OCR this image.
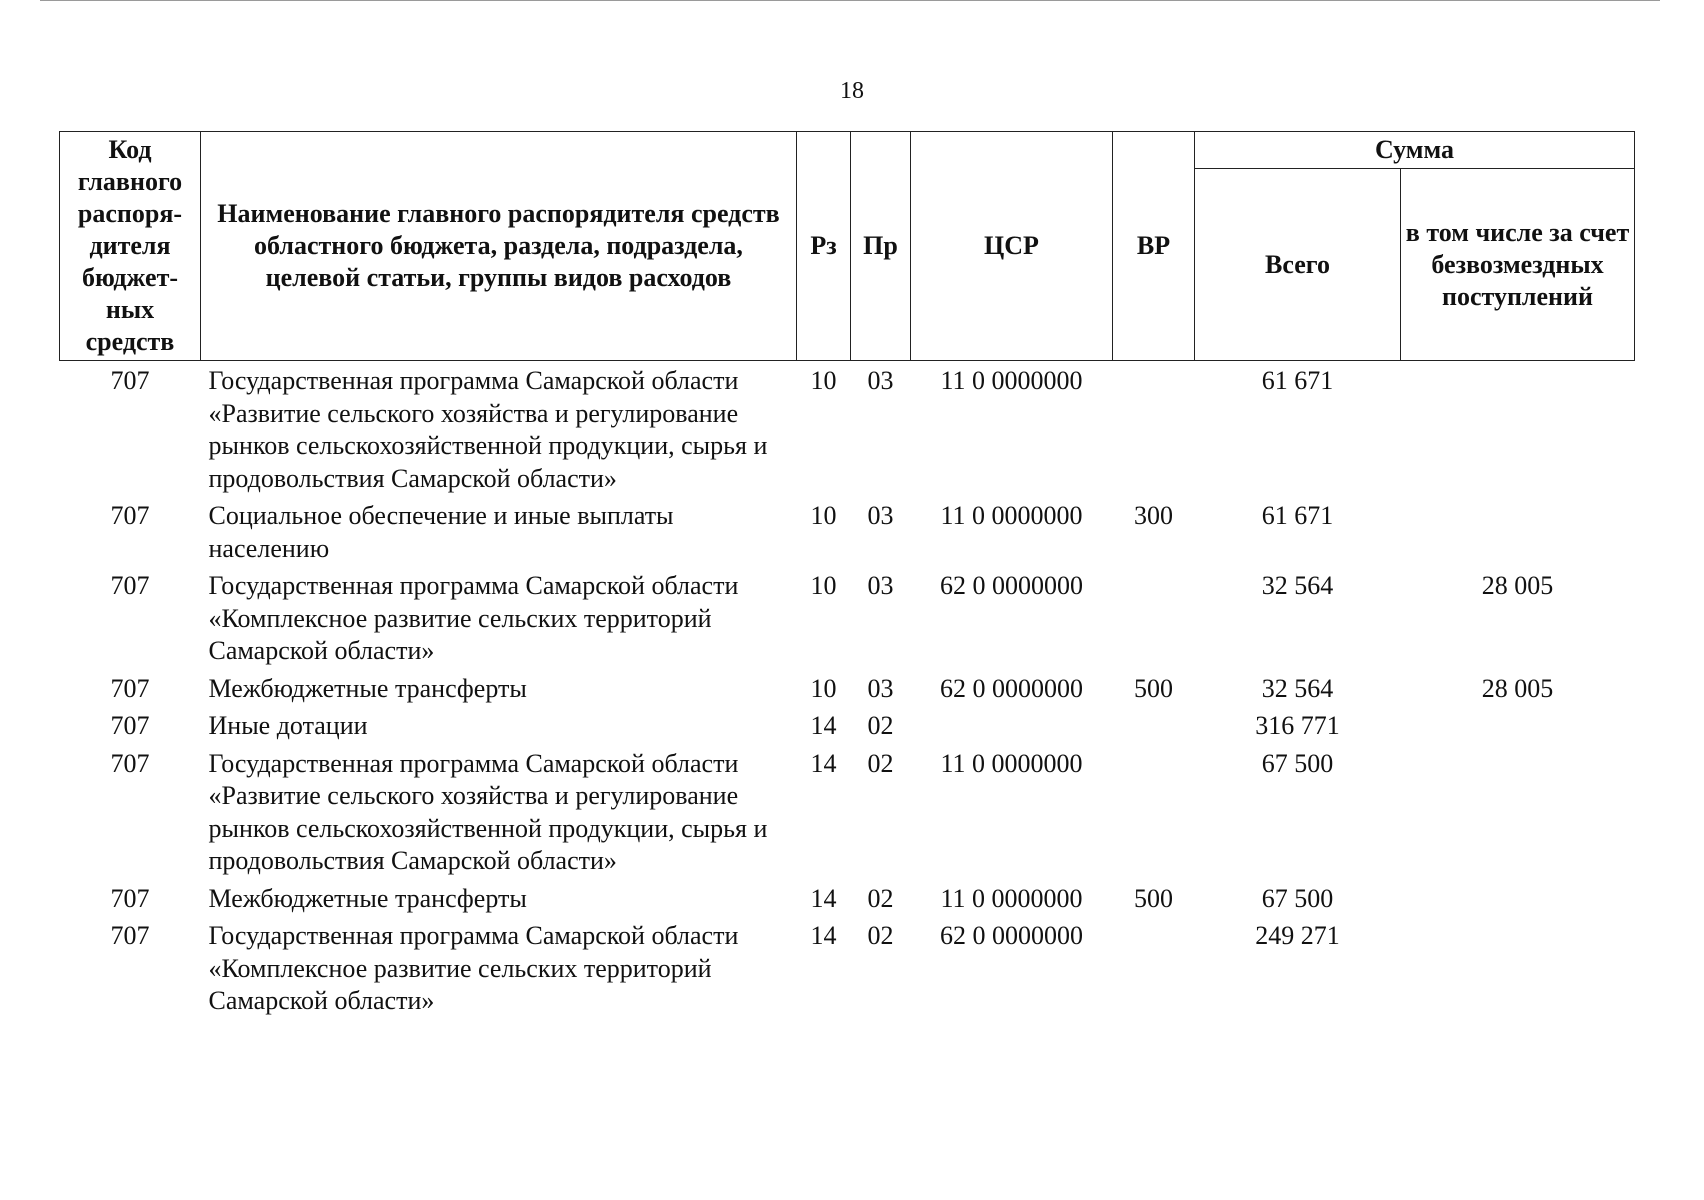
18
Код главного распоря-дителя бюджет-ных средств	Наименование главного распорядителя средств областного бюджета, раздела, подраздела, целевой статьи, группы видов расходов	Рз	Пр	ЦСР	ВР	Сумма	
						Всего	в том числе за счет безвозмездных поступлений
707	Государственная программа Самарской области «Развитие сельского хозяйства и регулирование рынков сельскохозяйственной продукции, сырья и продовольствия Самарской области»	10	03	11 0 0000000		61 671	
707	Социальное обеспечение и иные выплаты населению	10	03	11 0 0000000	300	61 671	
707	Государственная программа Самарской области «Комплексное развитие сельских территорий Самарской области»	10	03	62 0 0000000		32 564	28 005
707	Межбюджетные трансферты	10	03	62 0 0000000	500	32 564	28 005
707	Иные дотации	14	02			316 771	
707	Государственная программа Самарской области «Развитие сельского хозяйства и регулирование рынков сельскохозяйственной продукции, сырья и продовольствия Самарской области»	14	02	11 0 0000000		67 500	
707	Межбюджетные трансферты	14	02	11 0 0000000	500	67 500	
707	Государственная программа Самарской области «Комплексное развитие сельских территорий Самарской области»	14	02	62 0 0000000		249 271	
